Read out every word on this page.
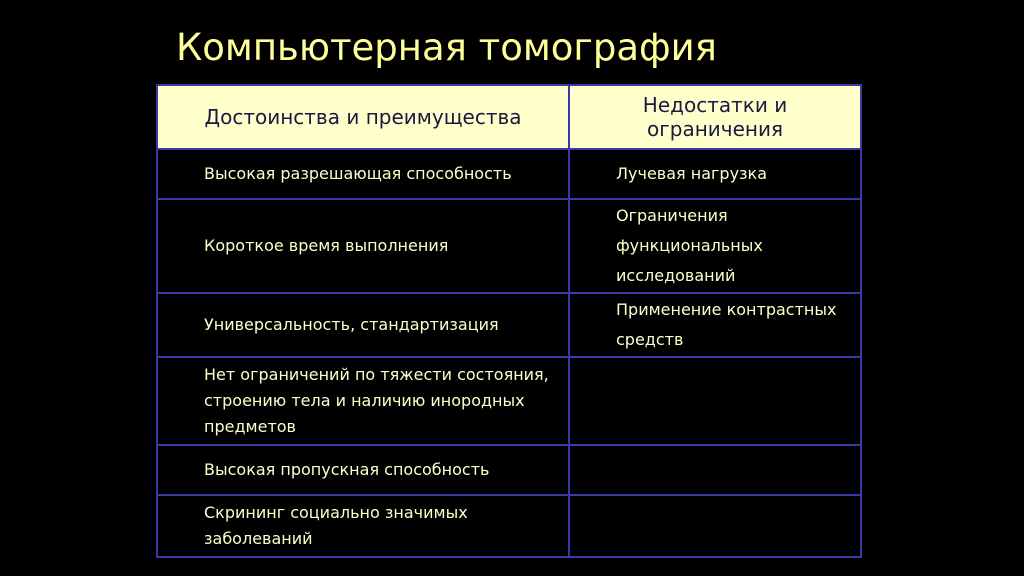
Компьютерная томография
Достоинства и преимущества	Недостатки и ограничения
Высокая разрешающая способность	Лучевая нагрузка
Короткое время выполнения	Ограничения функциональных исследований

Универсальность, стандартизация	Применение контрастных средств

Нет ограничений по тяжести состояния, строению тела и наличию инородных предметов	

Высокая пропускная способность	

Скрининг социально значимых заболеваний	
